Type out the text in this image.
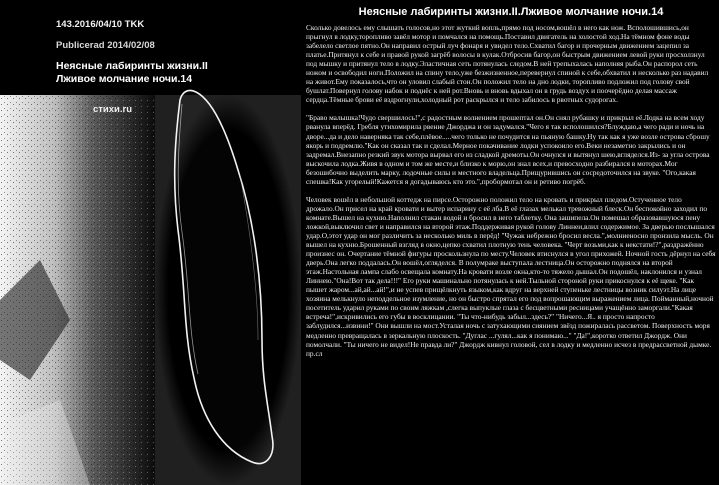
143.2016/04/10 TKK
Publicerad 2014/02/08
Неясные лабиринты жизни.II
Лживое молчание ночи.14
стихи.ru
Неясные лабиринты жизни.II.Лживое молчание ночи.14

Сколько довелось ему слышать голосов,но этот жуткий вопль,прямо под носом,вошёл в него как нож. Всполошившись,он прыгнул в лодку,торопливо завёл мотор и помчался на помощь.Поставил двигатель на холостой ход.На тёмном фоне воды забелело светлое пятно.Он направил острый луч фонаря и увидел тело.Схватил багор и прочерным движением зацепил за платье.Притянул к себе и правой рукой загрёб волосы в кулак.Отбросив багор,он быстрым движением левой руки просхолзнул под мышку и притянул тело в лодку.Эластичная сеть потянулась следом.В ней трепыхалась наполняя рыба.Он распорол сеть ножом и освободил ноги.Положил на спину тело,уже безжизненное,перевернул спиной к себе,обхватил и несколько раз надавил на живот.Ему показалось,что он уловил слабый стон.Он положил тело на дно лодки, торопливо подложил под голову свой бушлат.Повернул голову набок и поднёс к ней рот.Вновь и вновь вдыхал он в грудь воздух и поочерёдно делая массаж сердца.Тёмные брови её вздрогнули,холодный рот раскрылся и тело забилось в рвотных судорогах.

"Браво малышка!Чудо свершилось!",с радостным волнением прошептал он.Он снял рубашку и прикрыл её.Лодка на всем ходу рванула вперёд. Гребля утихомирила рвение Джорджа и он задумался."Чего я так всполошился?Блуждаю,а чего ради и ночь на дворе...да и дело наверняка так себе,плёвое.....чего только не почудится на пьяную башку.Ну так как я уже возле острова сброшу якорь и подремлю."Как он сказал так и сделал.Мерное покачивание лодки успокоило его.Веки незаметно закрылись и он задремал.Внезапно резкий звук мотора вырвал его из сладкой дремоты.Он очнулся и вытянул шею,вгляделся.Из- за угла острова выскочила лодка.Живя в одном и том же месте,и близко к морю,он знал всех,и превосходно разбирался в моторах.Мог безошибочно выделить марку, лодочные силы и местного владельца.Прищурившись он сосредоточился на звуке. "Ого,какая спешка!Как угорелый!Кажется я догадываюсь кто это.",пробормотал он и ретиво погрёб.

Человек вошёл в небольшой коттедж на пирсе.Осторожно положил тело на кровать и прикрыл пледом.Остученное тело дрожало.Он присел на край кровати и вытер испарину с её лба.В её глазах мелькал тревожный блеск.Он беспокойно заходил по комнате.Вышел на кухню.Наполнил стакан водой и бросил в него таблетку. Она зашипела.Он помешал образовавшуюся пену ложкой,выключил свет и направился на второй этаж.Поддерживая рукой голову Линнеи,влил содержимое. За дверью послышался удар.О,этот удар он мог различить за несколько миль в перёд! "Чужак небрежно бросил весла.",молниеносно пронзила мысль. Он вышел на кухню.Брошенный взгляд в окно,цепко схватил плотную тень человека. "Черт возьми,как к некстати!?",раздражённо произнес он. Очертание тёмной фигуры проскользнула по месту.Человек втиснулся в угол прихожей. Ночной гость дёрнул на себя дверь.Она легко поддалась.Он вошёл,огляделся. В полумраке выступала лестница.Он осторожно поднялся на второй этаж.Настольная лампа слабо освещала комнату.На кровати возле окна,кто-то тяжело дышал.Он подошёл, наклонился и узнал Линнею."Она!Вот так дела!!!" Его руки машинально потянулась к ней.Тыльной стороной руки прикоснулся к её щеке. "Как пышет жаром...ай,ай...ай!",и не успев прищёлкнуть языком,как вдруг на верхней ступеньке лестницы возник силуэт.На лице хозяина мелькнуло неподдельное изумление, но он быстро спрятал его под вопрошающим выражением лица. Пойманный,ночной посетитель ударил руками по своим ляжкам ,слегка выпуклые глаза с бесцветными ресницами учащённо заморгали."Какая встреча!",искривились его губы в восклицании. "Ты что-нибудь забыл...здесь?" "Ничего...Я.. я просто напросто заблудился...извини!" Они вышли на мост.Усталая ночь с затухающими сиянием звёзд пожиралась рассветом. Поверхность моря медленно превращалась в зеркальную плоскость. "Дуглас ...гулял...как я понимаю..." "Да!",коротко ответил Джордж. Они помолчали. "Ты ничего не видел!Не правда ли?" Джордж кивнул головой, сел в лодку и медленно исчез в предрассветной дымке. пр.сл
